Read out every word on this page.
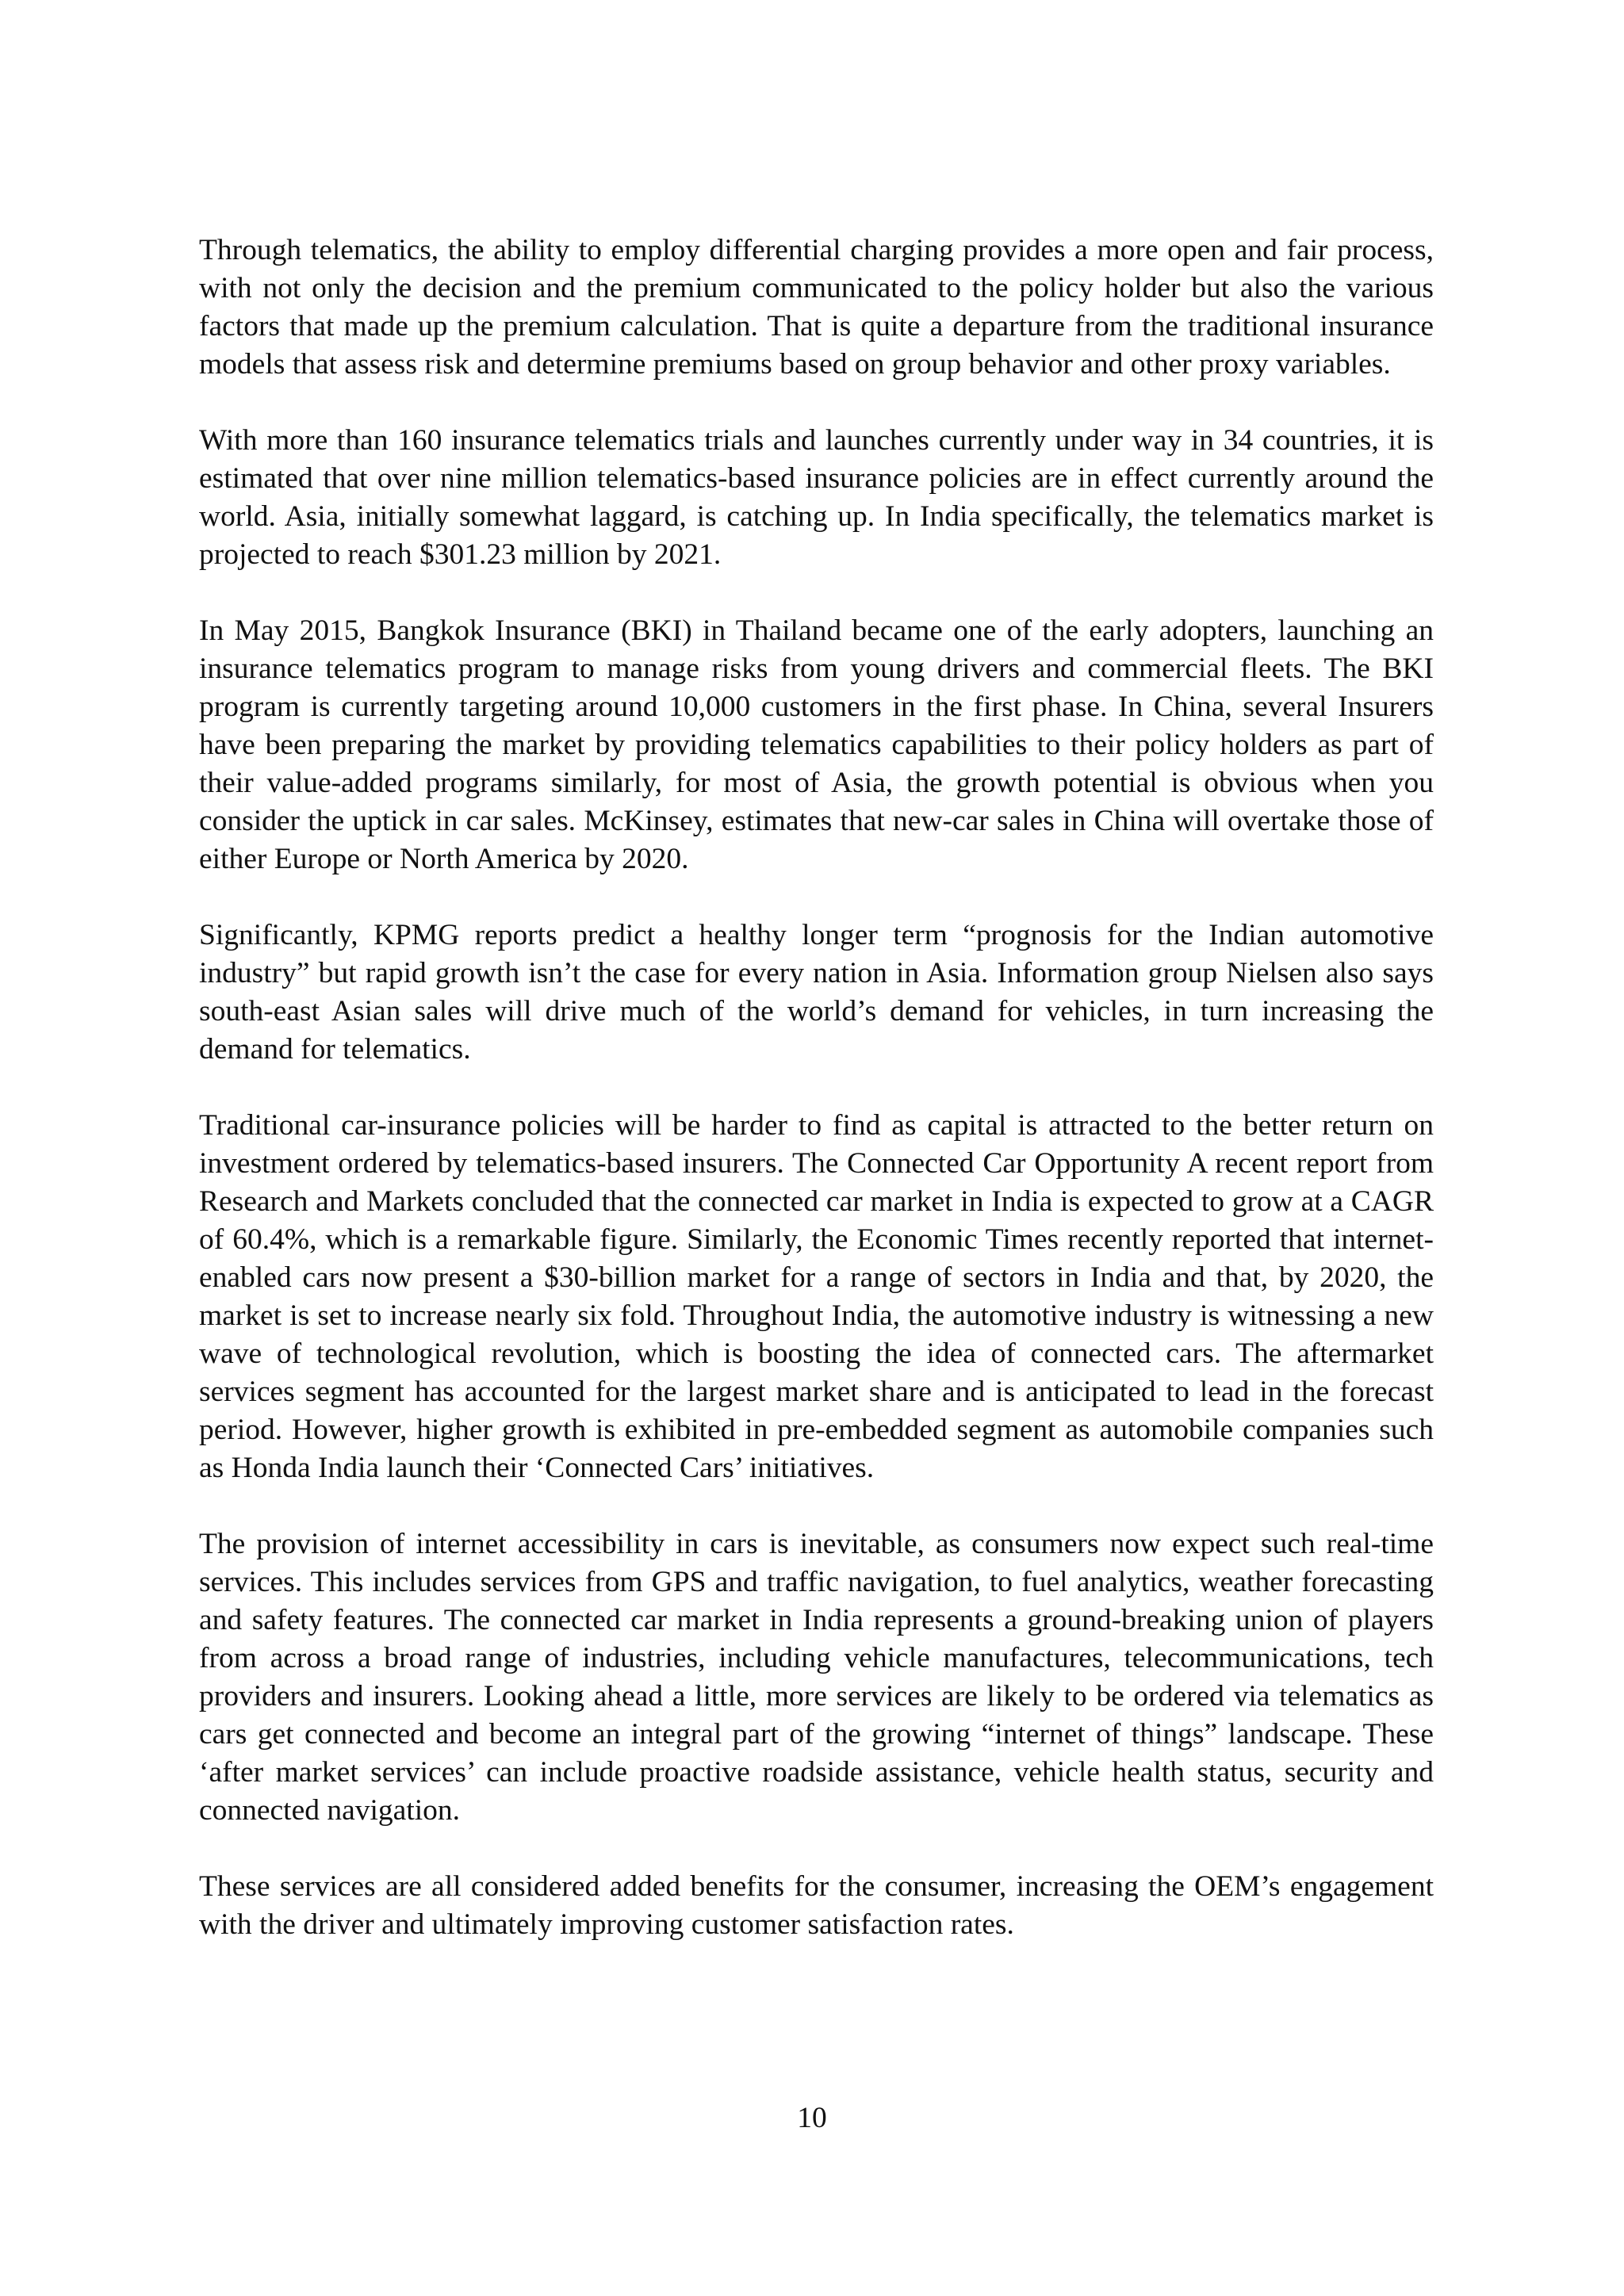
Through telematics, the ability to employ differential charging provides a more open and fair process, with not only the decision and the premium communicated to the policy holder but also the various factors that made up the premium calculation. That is quite a departure from the traditional insurance models that assess risk and determine premiums based on group behavior and other proxy variables.

With more than 160 insurance telematics trials and launches currently under way in 34 countries, it is estimated that over nine million telematics-based insurance policies are in effect currently around the world. Asia, initially somewhat laggard, is catching up. In India specifically, the telematics market is projected to reach $301.23 million by 2021.

In May 2015, Bangkok Insurance (BKI) in Thailand became one of the early adopters, launching an insurance telematics program to manage risks from young drivers and commercial fleets. The BKI program is currently targeting around 10,000 customers in the first phase. In China, several Insurers have been preparing the market by providing telematics capabilities to their policy holders as part of their value-added programs similarly, for most of Asia, the growth potential is obvious when you consider the uptick in car sales. McKinsey, estimates that new-car sales in China will overtake those of either Europe or North America by 2020.

Significantly, KPMG reports predict a healthy longer term “prognosis for the Indian automotive industry” but rapid growth isn’t the case for every nation in Asia. Information group Nielsen also says south-east Asian sales will drive much of the world’s demand for vehicles, in turn increasing the demand for telematics.

Traditional car-insurance policies will be harder to find as capital is attracted to the better return on investment ordered by telematics-based insurers. The Connected Car Opportunity A recent report from Research and Markets concluded that the connected car market in India is expected to grow at a CAGR of 60.4%, which is a remarkable figure. Similarly, the Economic Times recently reported that internet-enabled cars now present a $30-billion market for a range of sectors in India and that, by 2020, the market is set to increase nearly six fold. Throughout India, the automotive industry is witnessing a new wave of technological revolution, which is boosting the idea of connected cars. The aftermarket services segment has accounted for the largest market share and is anticipated to lead in the forecast period. However, higher growth is exhibited in pre-embedded segment as automobile companies such as Honda India launch their ‘Connected Cars’ initiatives.

The provision of internet accessibility in cars is inevitable, as consumers now expect such real-time services. This includes services from GPS and traffic navigation, to fuel analytics, weather forecasting and safety features. The connected car market in India represents a ground-breaking union of players from across a broad range of industries, including vehicle manufactures, telecommunications, tech providers and insurers. Looking ahead a little, more services are likely to be ordered via telematics as cars get connected and become an integral part of the growing “internet of things” landscape. These ‘after market services’ can include proactive roadside assistance, vehicle health status, security and connected navigation.

These services are all considered added benefits for the consumer, increasing the OEM’s engagement with the driver and ultimately improving customer satisfaction rates.

10
